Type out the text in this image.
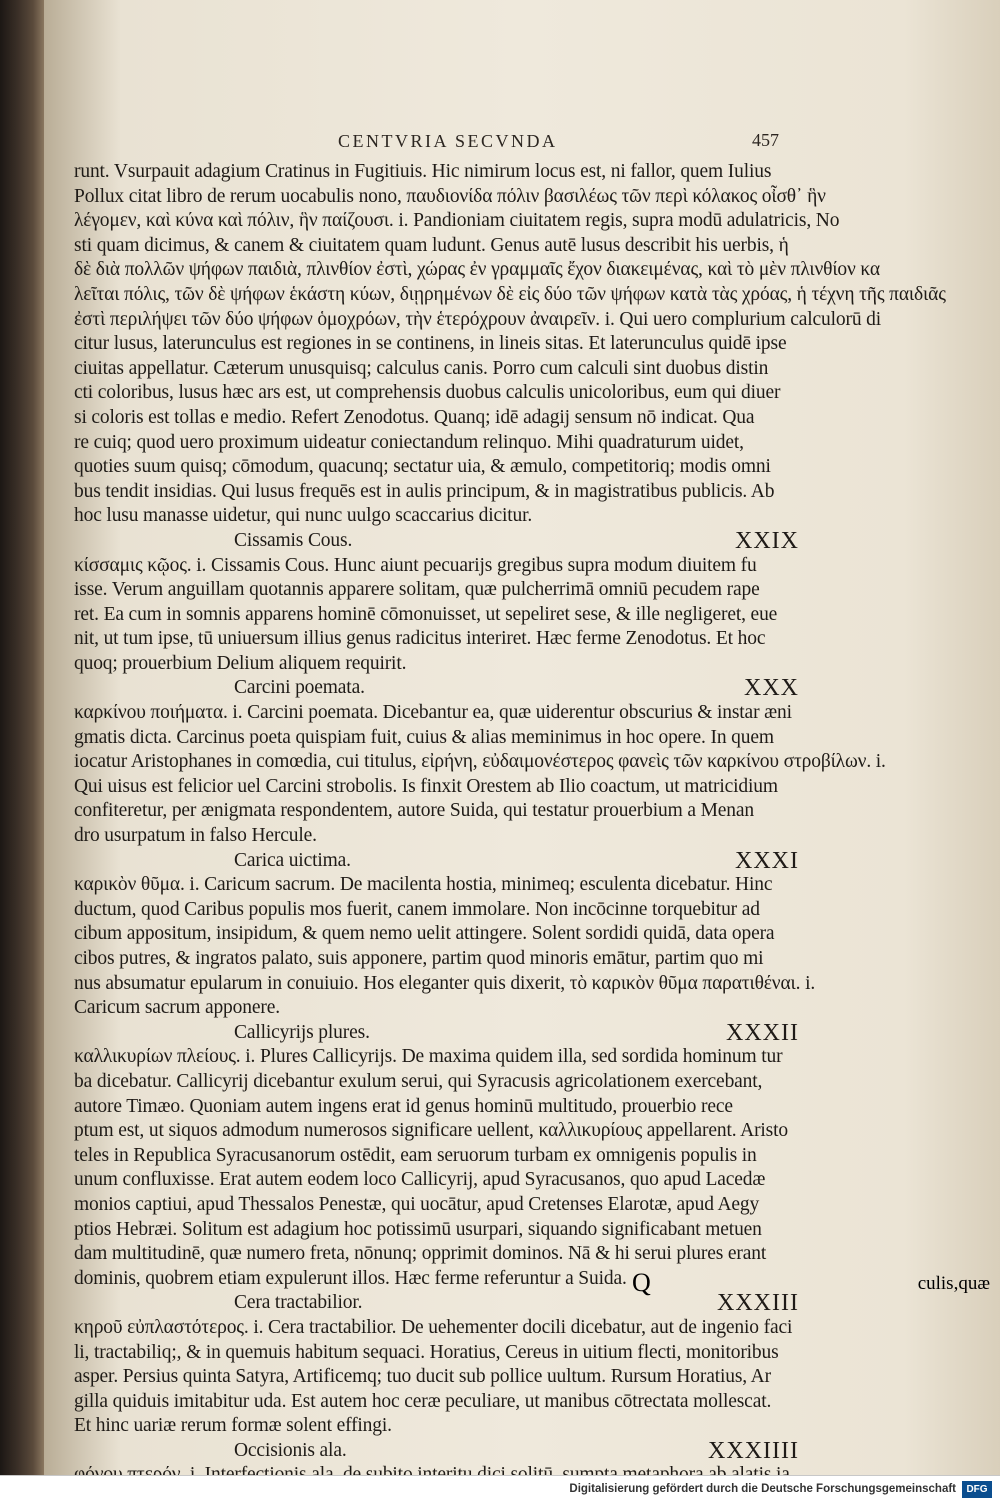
CENTVRIA SECVNDA	457
runt. Vsurpauit adagium Cratinus in Fugitiuis. Hic nimirum locus est, ni fallor, quem Iulius
Pollux citat libro de rerum uocabulis nono, παυδιονίδα πόλιν βασιλέως τῶν περὶ κόλακος οἶσθ᾽ ἣν
λέγομεν, καὶ κύνα καὶ πόλιν, ἣν παίζουσι. i. Pandioniam ciuitatem regis, supra modū adulatricis, No
sti quam dicimus, & canem & ciuitatem quam ludunt. Genus autē lusus describit his uerbis, ἡ
δὲ διὰ πολλῶν ψήφων παιδιὰ, πλινθίον ἐστὶ, χώρας ἐν γραμμαῖς ἔχον διακειμένας, καὶ τὸ μὲν πλινθίον κα
λεῖται πόλις, τῶν δὲ ψήφων ἑκάστη κύων, διῃρημένων δὲ εἰς δύο τῶν ψήφων κατὰ τὰς χρόας, ἡ τέχνη τῆς παιδιᾶς
ἐστὶ περιλήψει τῶν δύο ψήφων ὁμοχρόων, τὴν ἑτερόχρουν ἀναιρεῖν. i. Qui uero complurium calculorū di
citur lusus, laterunculus est regiones in se continens, in lineis sitas. Et laterunculus quidē ipse
ciuitas appellatur. Cæterum unusquisq; calculus canis. Porro cum calculi sint duobus distin
cti coloribus, lusus hæc ars est, ut comprehensis duobus calculis unicoloribus, eum qui diuer
si coloris est tollas e medio. Refert Zenodotus. Quanq; idē adagij sensum nō indicat. Qua
re cuiq; quod uero proximum uideatur coniectandum relinquo. Mihi quadraturum uidet,
quoties suum quisq; cōmodum, quacunq; sectatur uia, & æmulo, competitoriq; modis omni
bus tendit insidias. Qui lusus frequēs est in aulis principum, & in magistratibus publicis. Ab
hoc lusu manasse uidetur, qui nunc uulgo scaccarius dicitur.
Cissamis Cous.	XXIX
κίσσαμις κῷος. i. Cissamis Cous. Hunc aiunt pecuarijs gregibus supra modum diuitem fu
isse. Verum anguillam quotannis apparere solitam, quæ pulcherrimā omniū pecudem rape
ret. Ea cum in somnis apparens hominē cōmonuisset, ut sepeliret sese, & ille negligeret, eue
nit, ut tum ipse, tū uniuersum illius genus radicitus interiret. Hæc ferme Zenodotus. Et hoc
quoq; prouerbium Delium aliquem requirit.
Carcini poemata.	XXX
καρκίνου ποιήματα. i. Carcini poemata. Dicebantur ea, quæ uiderentur obscurius & instar æni
gmatis dicta. Carcinus poeta quispiam fuit, cuius & alias meminimus in hoc opere. In quem
iocatur Aristophanes in comœdia, cui titulus, εἰρήνη, εὐδαιμονέστερος φανεὶς τῶν καρκίνου στροβίλων. i.
Qui uisus est felicior uel Carcini strobolis. Is finxit Orestem ab Ilio coactum, ut matricidium
confiteretur, per ænigmata respondentem, autore Suida, qui testatur prouerbium a Menan
dro usurpatum in falso Hercule.
Carica uictima.	XXXI
καρικὸν θῦμα. i. Caricum sacrum. De macilenta hostia, minimeq; esculenta dicebatur. Hinc
ductum, quod Caribus populis mos fuerit, canem immolare. Non incōcinne torquebitur ad
cibum appositum, insipidum, & quem nemo uelit attingere. Solent sordidi quidā, data opera
cibos putres, & ingratos palato, suis apponere, partim quod minoris emātur, partim quo mi
nus absumatur epularum in conuiuio. Hos eleganter quis dixerit, τὸ καρικὸν θῦμα παρατιθέναι. i.
Caricum sacrum apponere.
Callicyrijs plures.	XXXII
καλλικυρίων πλείους. i. Plures Callicyrijs. De maxima quidem illa, sed sordida hominum tur
ba dicebatur. Callicyrij dicebantur exulum serui, qui Syracusis agricolationem exercebant,
autore Timæo. Quoniam autem ingens erat id genus hominū multitudo, prouerbio rece
ptum est, ut siquos admodum numerosos significare uellent, καλλικυρίους appellarent. Aristo
teles in Republica Syracusanorum ostēdit, eam seruorum turbam ex omnigenis populis in
unum confluxisse. Erat autem eodem loco Callicyrij, apud Syracusanos, quo apud Lacedæ
monios captiui, apud Thessalos Penestæ, qui uocātur, apud Cretenses Elarotæ, apud Aegy
ptios Hebræi. Solitum est adagium hoc potissimū usurpari, siquando significabant metuen
dam multitudinē, quæ numero freta, nōnunq; opprimit dominos. Nā & hi serui plures erant
dominis, quobrem etiam expulerunt illos. Hæc ferme referuntur a Suida.
Cera tractabilior.	XXXIII
κηροῦ εὐπλαστότερος. i. Cera tractabilior. De uehementer docili dicebatur, aut de ingenio faci
li, tractabiliq;, & in quemuis habitum sequaci. Horatius, Cereus in uitium flecti, monitoribus
asper. Persius quinta Satyra, Artificemq; tuo ducit sub pollice uultum. Rursum Horatius, Ar
gilla quiduis imitabitur uda. Est autem hoc ceræ peculiare, ut manibus cōtrectata mollescat.
Et hinc uariæ rerum formæ solent effingi.
Occisionis ala.	XXXIIII
Q	culis,quæ
Digitalisierung gefördert durch die Deutsche Forschungsgemeinschaft	DFG
